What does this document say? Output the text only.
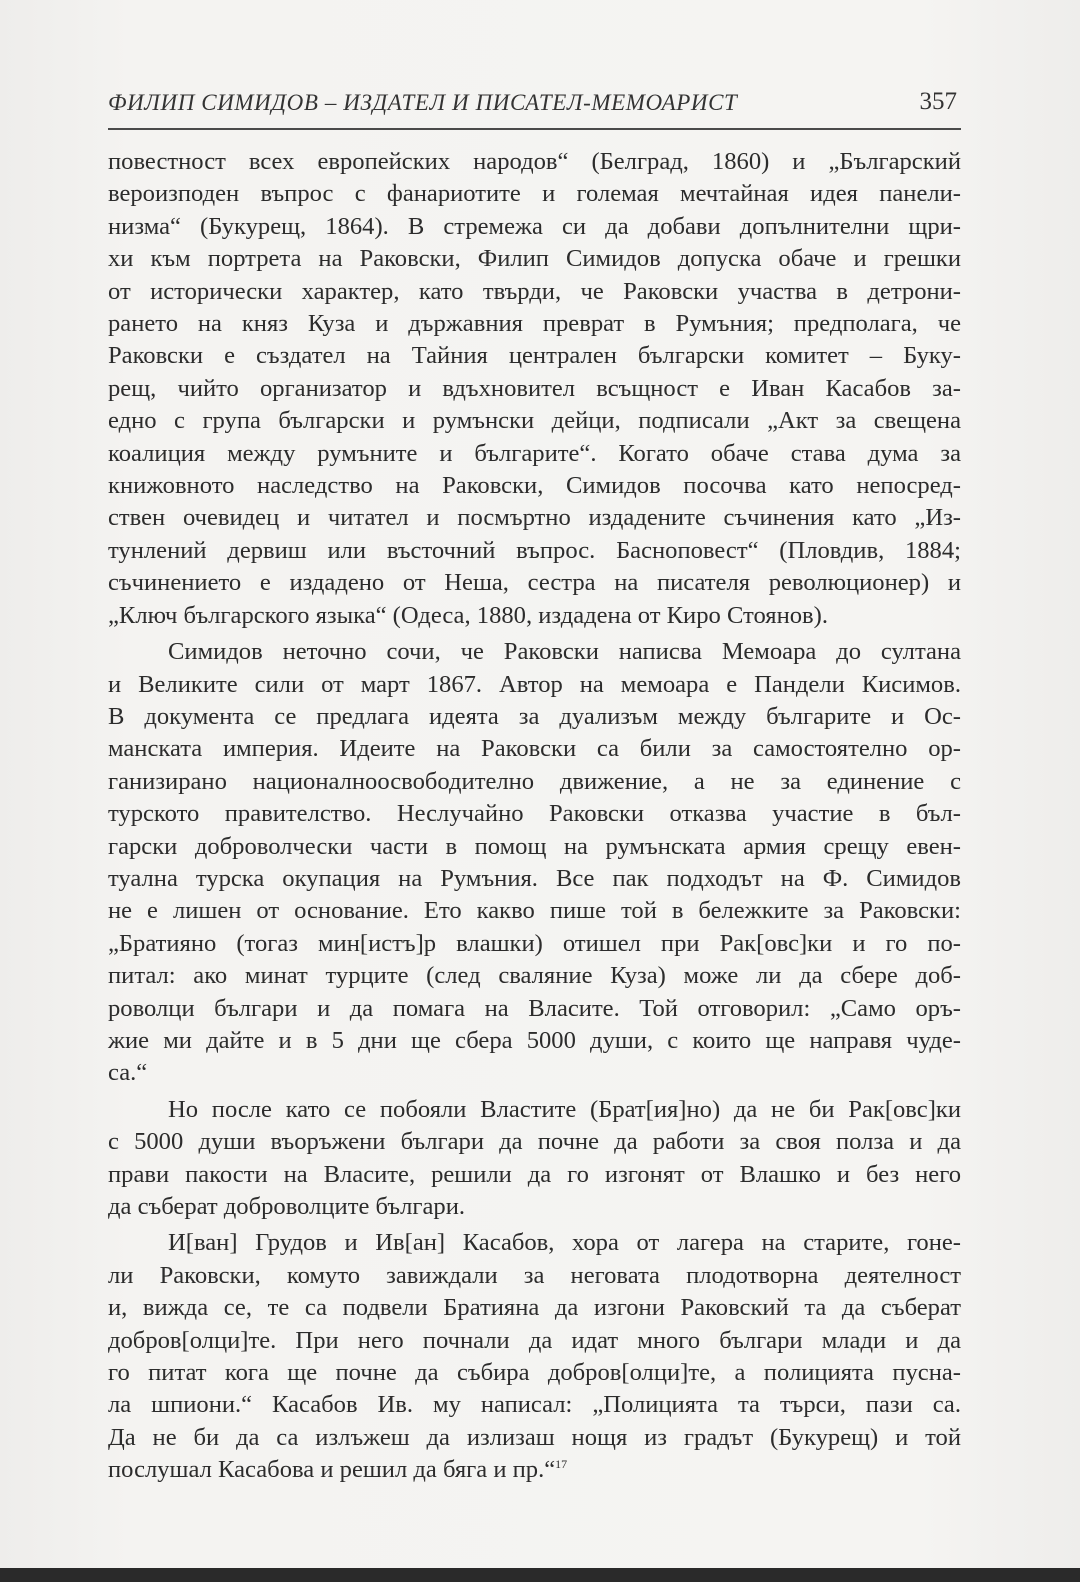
ФИЛИП СИМИДОВ – ИЗДАТЕЛ И ПИСАТЕЛ-МЕМОАРИСТ	357
повестност всех европейских народов“ (Белград, 1860) и „Българский
вероизподен въпрос с фанариотите и големая мечтайная идея панели-
низма“ (Букурещ, 1864). В стремежа си да добави допълнителни щри-
хи към портрета на Раковски, Филип Симидов допуска обаче и грешки
от исторически характер, като твърди, че Раковски участва в детрони-
рането на княз Куза и държавния преврат в Румъния; предполага, че
Раковски е създател на Тайния централен български комитет – Буку-
рещ, чийто организатор и вдъхновител всъщност е Иван Касабов за-
едно с група български и румънски дейци, подписали „Акт за свещена
коалиция между румъните и българите“. Когато обаче става дума за
книжовното наследство на Раковски, Симидов посочва като непосред-
ствен очевидец и читател и посмъртно издадените съчинения като „Из-
тунлений дервиш или въсточний въпрос. Басноповест“ (Пловдив, 1884;
съчинението е издадено от Неша, сестра на писателя революционер) и
„Ключ българского языка“ (Одеса, 1880, издадена от Киро Стоянов).
Симидов неточно сочи, че Раковски написва Мемоара до султана
и Великите сили от март 1867. Автор на мемоара е Пандели Кисимов.
В документа се предлага идеята за дуализъм между българите и Ос-
манската империя. Идеите на Раковски са били за самостоятелно ор-
ганизирано националноосвободително движение, а не за единение с
турското правителство. Неслучайно Раковски отказва участие в бъл-
гарски доброволчески части в помощ на румънската армия срещу евен-
туална турска окупация на Румъния. Все пак подходът на Ф. Симидов
не е лишен от основание. Ето какво пише той в бележките за Раковски:
„Братияно (тогаз мин[истъ]р влашки) отишел при Рак[овс]ки и го по-
питал: ако минат турците (след сваляние Куза) може ли да сбере доб-
роволци българи и да помага на Власите. Той отговорил: „Само оръ-
жие ми дайте и в 5 дни ще сбера 5000 души, с които ще направя чуде-
са.“
Но после като се побояли Властите (Брат[ия]но) да не би Рак[овс]ки
с 5000 души въоръжени българи да почне да работи за своя полза и да
прави пакости на Власите, решили да го изгонят от Влашко и без него
да съберат доброволците българи.
И[ван] Грудов и Ив[ан] Касабов, хора от лагера на старите, гоне-
ли Раковски, комуто завиждали за неговата плодотворна деятелност
и, вижда се, те са подвели Братияна да изгони Раковский та да съберат
добров[олци]те. При него почнали да идат много българи млади и да
го питат кога ще почне да събира добров[олци]те, а полицията пусна-
ла шпиони.“ Касабов Ив. му написал: „Полицията та търси, пази са.
Да не би да са излъжеш да излизаш нощя из градът (Букурещ) и той
послушал Касабова и решил да бяга и пр.“$^{17}$
